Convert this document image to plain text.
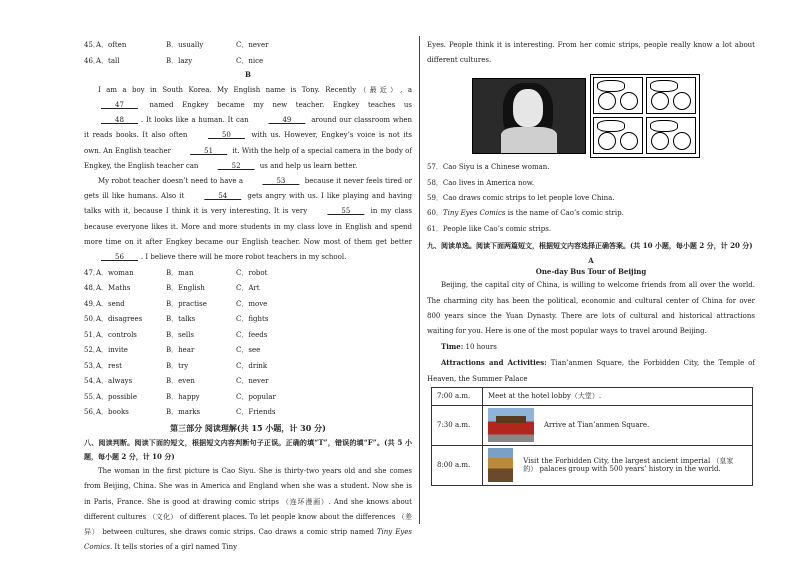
45．
A．often	B．usually	C．never
46．
A．tall	B．lazy	C．nice
B

I am a boy in South Korea. My English name is Tony. Recently（最近）, a   47   named Engkey became my new teacher. Engkey teaches us   48  . It looks like a human. It can   49   around our classroom when it reads books. It also often   50   with us. However, Engkey’s voice is not its own. An English teacher   51   it. With the help of a special camera in the body of Engkey, the English teacher can   52   us and help us learn better.

My robot teacher doesn’t need to have a   53   because it never feels tired or gets ill like humans. Also it   54   gets angry with us. I like playing and having talks with it, because I think it is very interesting. It is very   55   in my class because everyone likes it. More and more students in my class love in English and spend more time on it after Engkey became our English teacher. Now most of them get better   56  . I believe there will be more robot teachers in my school.

47．
A．woman	B．man	C．robot
48．
A．Maths	B．English	C．Art
49．
A．send	B．practise	C．move
50．
A．disagrees	B．talks	C．fights
51．
A．controls	B．sells	C．feeds
52．
A．invite	B．hear	C．see
53．
A．rest	B．try	C．drink
54．
A．always	B．even	C．never
55．
A．possible	B．happy	C．popular
56．
A．books	B．marks	C．Friends
第三部分 阅读理解(共 15 小题，计 30 分)

八、阅读判断。阅读下面的短文，根据短文内容判断句子正误。正确的填“T”，错误的填“F”。(共 5 小题，每小题 2 分，计 10 分)

The woman in the first picture is Cao Siyu. She is thirty-two years old and she comes from Beijing, China. She was in America and England when she was a student. Now she is in Paris, France. She is good at drawing comic strips （连环漫画）. And she knows about different cultures （文化） of different places. To let people know about the differences （差异） between cultures, she draws comic strips. Cao draws a comic strip named Tiny Eyes Comics. It tells stories of a girl named Tiny

Eyes. People think it is interesting. From her comic strips, people really know a lot about different cultures.

57．Cao Siyu is a Chinese woman.
58．Cao lives in America now.
59．Cao draws comic strips to let people love China.
60．Tiny Eyes Comics is the name of Cao’s comic strip.
61．People like Cao’s comic strips.

九、阅读单选。阅读下面两篇短文，根据短文内容选择正确答案。(共 10 小题，每小题 2 分，计 20 分)

A
One-day Bus Tour of Beijing

Beijing, the capital city of China, is willing to welcome friends from all over the world. The charming city has been the political, economic and cultural center of China for over 800 years since the Yuan Dynasty. There are lots of cultural and historical attractions waiting for you. Here is one of the most popular ways to travel around Beijing.

Time: 10 hours

Attractions and Activities: Tian’anmen Square, the Forbidden City, the Temple of Heaven, the Summer Palace

7:00 a.m.	Meet at the hotel lobby（大堂）.
7:30 a.m.	Arrive at Tian’anmen Square.

8:00 a.m.	Visit the Forbidden City, the largest ancient imperial （皇家的） palaces group with 500 years’ history in the world.
